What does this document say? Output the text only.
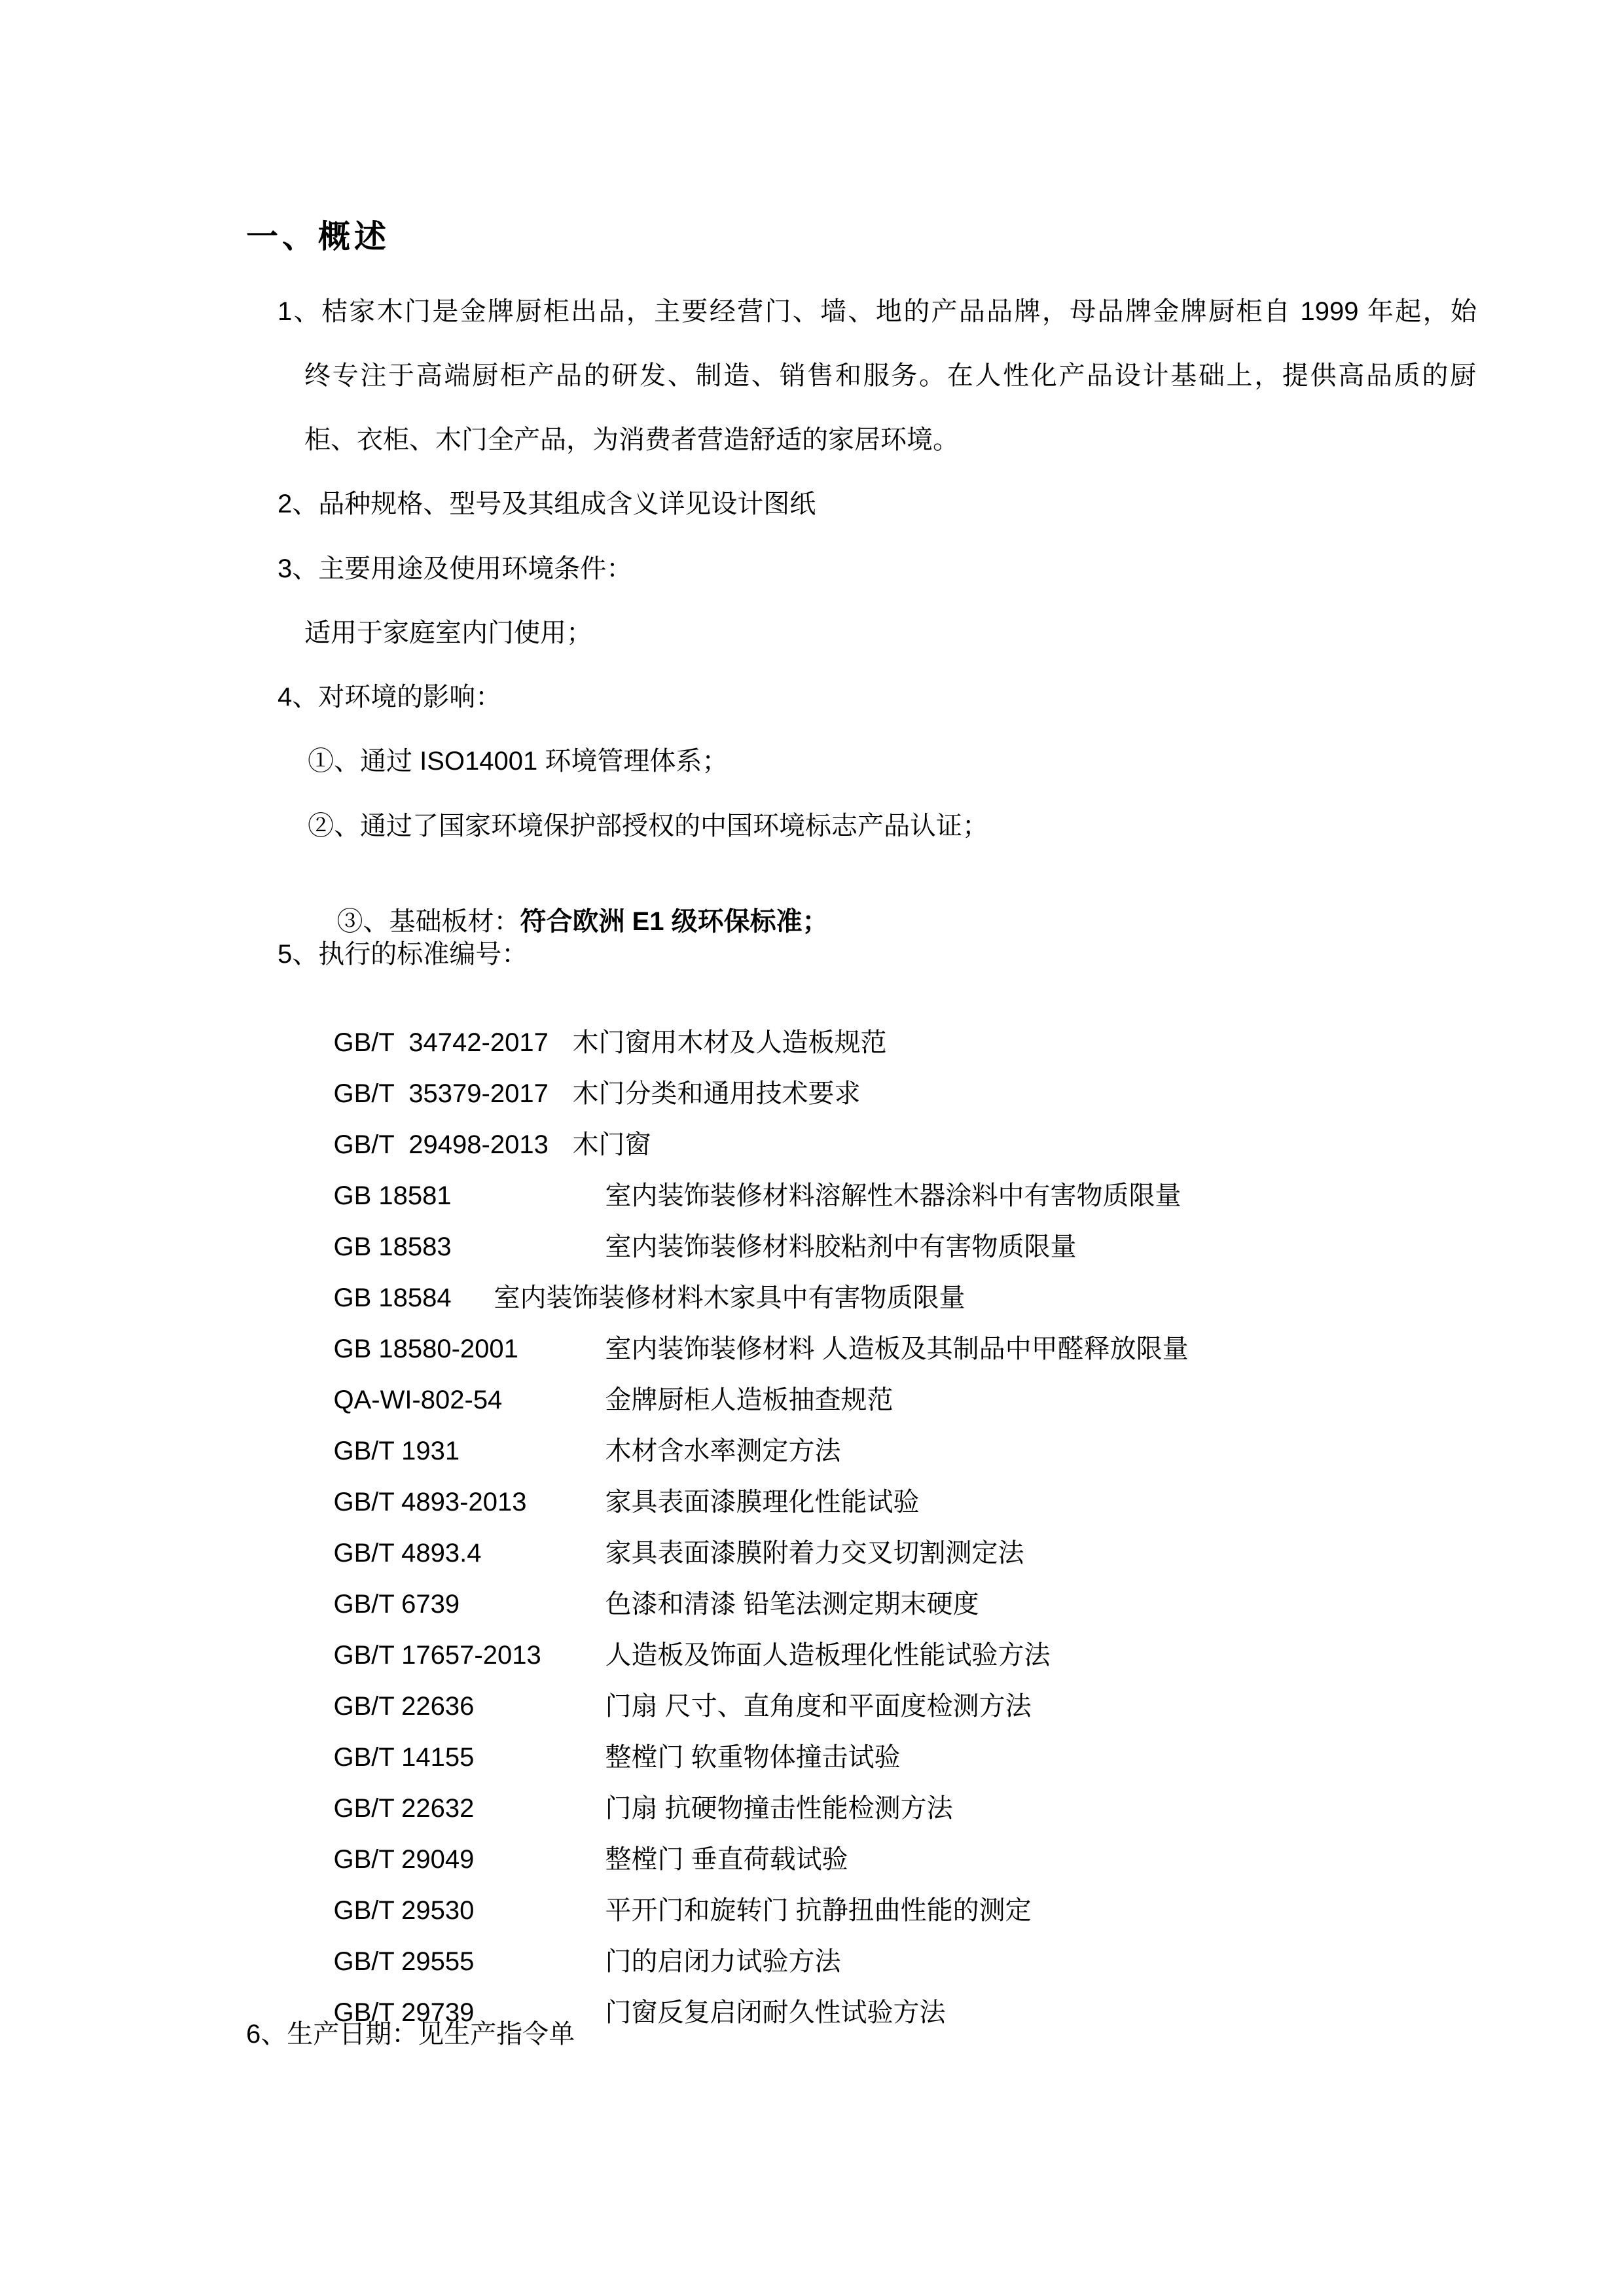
一、概述
1、桔家木门是金牌厨柜出品，主要经营门、墙、地的产品品牌，母品牌金牌厨柜自 1999 年起，始
终专注于高端厨柜产品的研发、制造、销售和服务。在人性化产品设计基础上，提供高品质的厨
柜、衣柜、木门全产品，为消费者营造舒适的家居环境。
2、品种规格、型号及其组成含义详见设计图纸
3、主要用途及使用环境条件：
适用于家庭室内门使用；
4、对环境的影响：
①、通过 ISO14001 环境管理体系；
②、通过了国家环境保护部授权的中国环境标志产品认证；

③、基础板材：符合欧洲 E1 级环保标准；

5、执行的标准编号：

GB/T  34742-2017 木门窗用木材及人造板规范

GB/T  35379-2017 木门分类和通用技术要求

GB/T  29498-2013 木门窗

GB 18581	室内装饰装修材料溶解性木器涂料中有害物质限量

GB 18583	室内装饰装修材料胶粘剂中有害物质限量

GB 18584 室内装饰装修材料木家具中有害物质限量

GB 18580-2001	室内装饰装修材料 人造板及其制品中甲醛释放限量

QA-WI-802-54	金牌厨柜人造板抽查规范

GB/T 1931	木材含水率测定方法

GB/T 4893-2013	家具表面漆膜理化性能试验

GB/T 4893.4	家具表面漆膜附着力交叉切割测定法

GB/T 6739	色漆和清漆 铅笔法测定期末硬度

GB/T 17657-2013 人造板及饰面人造板理化性能试验方法

GB/T 22636	门扇 尺寸、直角度和平面度检测方法

GB/T 14155	整樘门 软重物体撞击试验

GB/T 22632	门扇 抗硬物撞击性能检测方法

GB/T 29049	整樘门 垂直荷载试验

GB/T 29530	平开门和旋转门 抗静扭曲性能的测定

GB/T 29555	门的启闭力试验方法

GB/T 29739	门窗反复启闭耐久性试验方法

6、生产日期：见生产指令单
